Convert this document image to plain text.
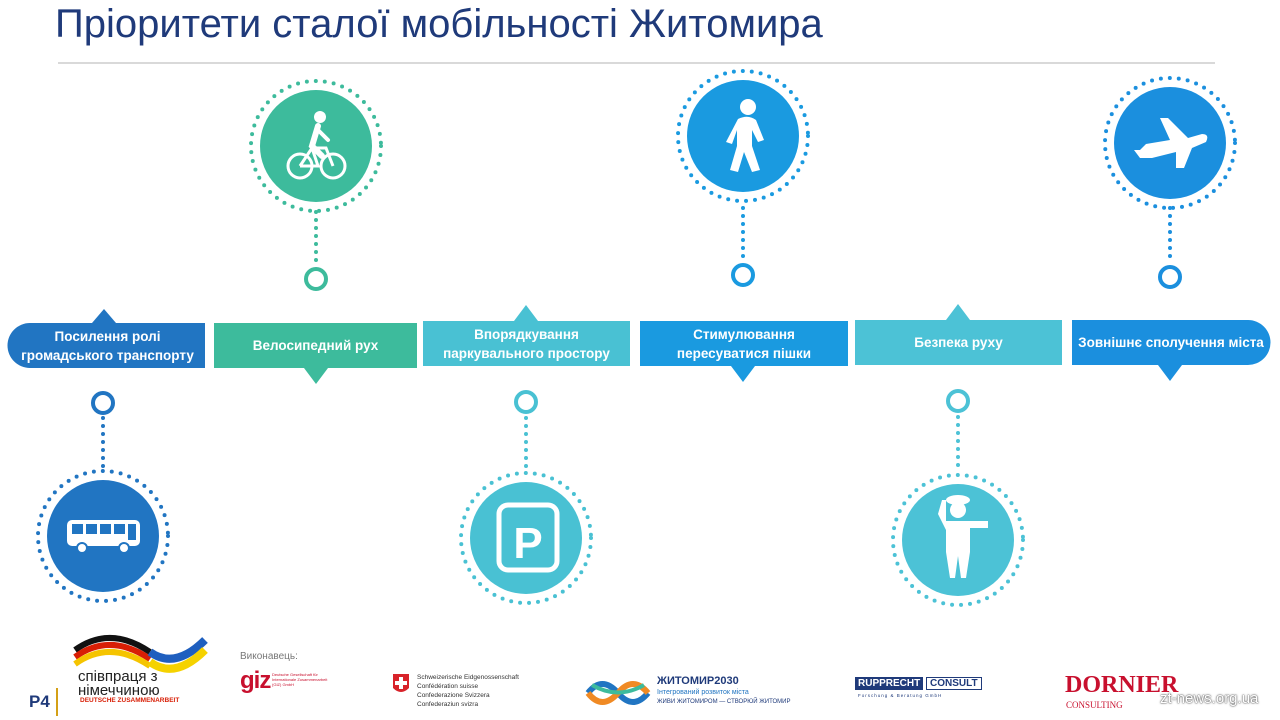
Пріоритети сталої мобільності Житомира
P
Посилення ролі громадського транспорту
Велосипедний рух
Впорядкування паркувального простору
Стимулювання пересуватися пішки
Безпека руху	Зовнішнє сполучення міста
P4
співпраця з
німеччиною
DEUTSCHE ZUSAMMENARBEIT
Виконавець:
giz Deutsche Gesellschaft für Internationale Zusammenarbeit (GIZ) GmbH
Schweizerische Eidgenossenschaft
Confédération suisse
Confederazione Svizzera
Confederaziun svizra
ЖИТОМИР2030
Інтегрований розвиток міста
ЖИВИ ЖИТОМИРОМ — СТВОРЮЙ ЖИТОМИР
RUPPRECHT CONSULT
Forschung & Beratung GmbH	DORNIER
CONSULTING zt-news.org.ua
